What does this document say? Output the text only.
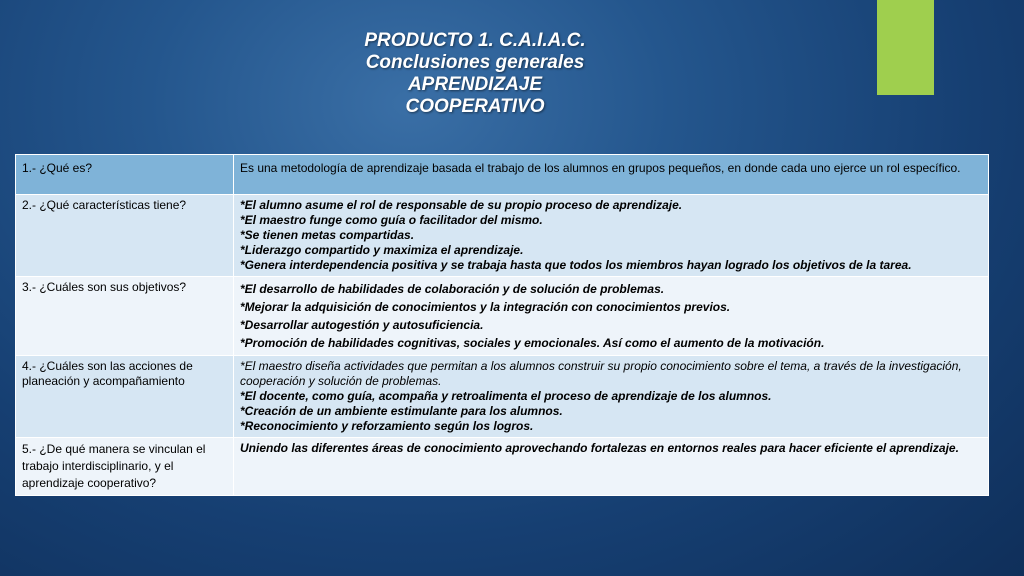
PRODUCTO 1. C.A.I.A.C.
Conclusiones generales
APRENDIZAJE
COOPERATIVO
1.- ¿Qué es?	Es una metodología de aprendizaje basada el trabajo de los alumnos en grupos pequeños, en donde cada uno ejerce un rol específico.

2.- ¿Qué características tiene?	*El alumno asume el rol de responsable de su propio proceso de aprendizaje.
*El maestro funge como guía o facilitador del mismo.
*Se tienen metas compartidas.
*Liderazgo compartido y maximiza el aprendizaje.
*Genera interdependencia positiva y se trabaja hasta que todos los miembros hayan logrado los objetivos de la tarea.

3.- ¿Cuáles son sus objetivos?	*El desarrollo de habilidades de colaboración y de solución de problemas.
*Mejorar la adquisición de conocimientos y la integración con conocimientos previos.
*Desarrollar autogestión y autosuficiencia.
*Promoción de habilidades cognitivas, sociales y emocionales. Así como el aumento de la motivación.

4.- ¿Cuáles son las acciones de planeación y acompañamiento	*El maestro diseña actividades que permitan a los alumnos construir su propio conocimiento sobre el tema, a través de la investigación, cooperación y solución de problemas.
*El docente, como guía, acompaña y retroalimenta el proceso de aprendizaje de los alumnos.
*Creación de un ambiente estimulante para los alumnos.
*Reconocimiento y reforzamiento según los logros.

5.- ¿De qué manera se vinculan el trabajo interdisciplinario, y el aprendizaje cooperativo?	Uniendo las diferentes áreas de conocimiento aprovechando fortalezas en entornos reales para hacer eficiente el aprendizaje.
